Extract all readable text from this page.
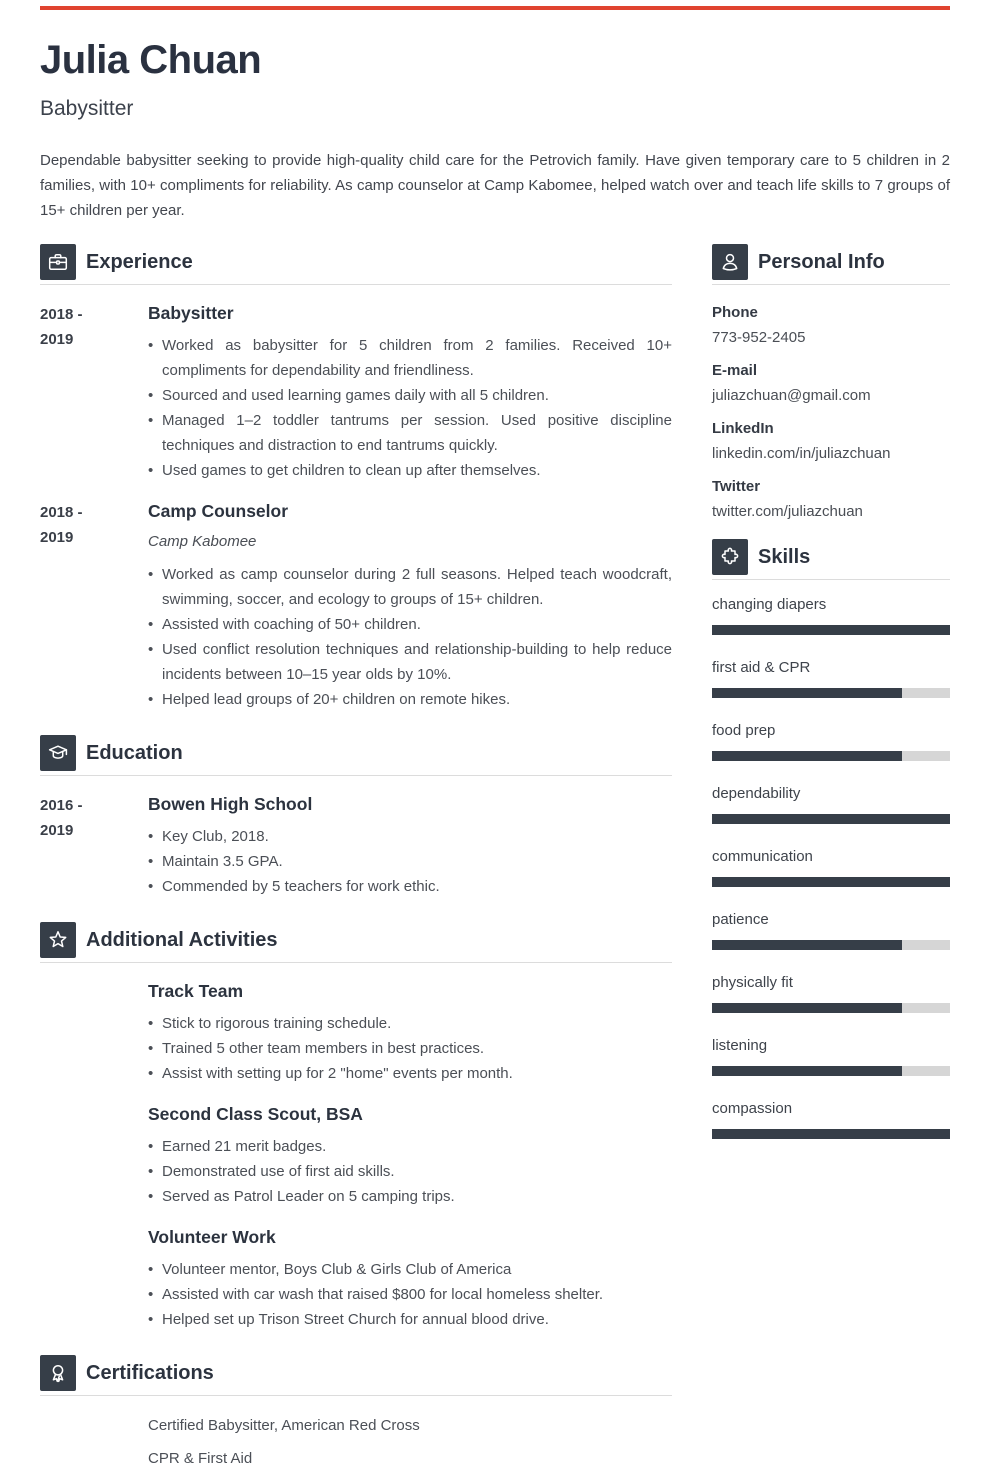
Julia Chuan
Babysitter
Dependable babysitter seeking to provide high-quality child care for the Petrovich family. Have given temporary care to 5 children in 2 families, with 10+ compliments for reliability. As camp counselor at Camp Kabomee, helped watch over and teach life skills to 7 groups of 15+ children per year.
Experience
2018 -
2019
Babysitter
• Worked as babysitter for 5 children from 2 families. Received 10+ compliments for dependability and friendliness.
• Sourced and used learning games daily with all 5 children.
• Managed 1–2 toddler tantrums per session. Used positive discipline techniques and distraction to end tantrums quickly.
• Used games to get children to clean up after themselves.
2018 -
2019
Camp Counselor
Camp Kabomee
• Worked as camp counselor during 2 full seasons. Helped teach woodcraft, swimming, soccer, and ecology to groups of 15+ children.
• Assisted with coaching of 50+ children.
• Used conflict resolution techniques and relationship-building to help reduce incidents between 10–15 year olds by 10%.
• Helped lead groups of 20+ children on remote hikes.
Education
2016 -
2019
Bowen High School
• Key Club, 2018.
• Maintain 3.5 GPA.
• Commended by 5 teachers for work ethic.
Additional Activities
Track Team
• Stick to rigorous training schedule.
• Trained 5 other team members in best practices.
• Assist with setting up for 2 "home" events per month.
Second Class Scout, BSA
• Earned 21 merit badges.
• Demonstrated use of first aid skills.
• Served as Patrol Leader on 5 camping trips.
Volunteer Work
• Volunteer mentor, Boys Club & Girls Club of America
• Assisted with car wash that raised $800 for local homeless shelter.
• Helped set up Trison Street Church for annual blood drive.
Certifications
Certified Babysitter, American Red Cross
CPR & First Aid
Personal Info
Phone
773-952-2405
E-mail
juliazchuan@gmail.com
LinkedIn
linkedin.com/in/juliazchuan
Twitter
twitter.com/juliazchuan
Skills
changing diapers
first aid & CPR
food prep
dependability
communication
patience
physically fit
listening
compassion
